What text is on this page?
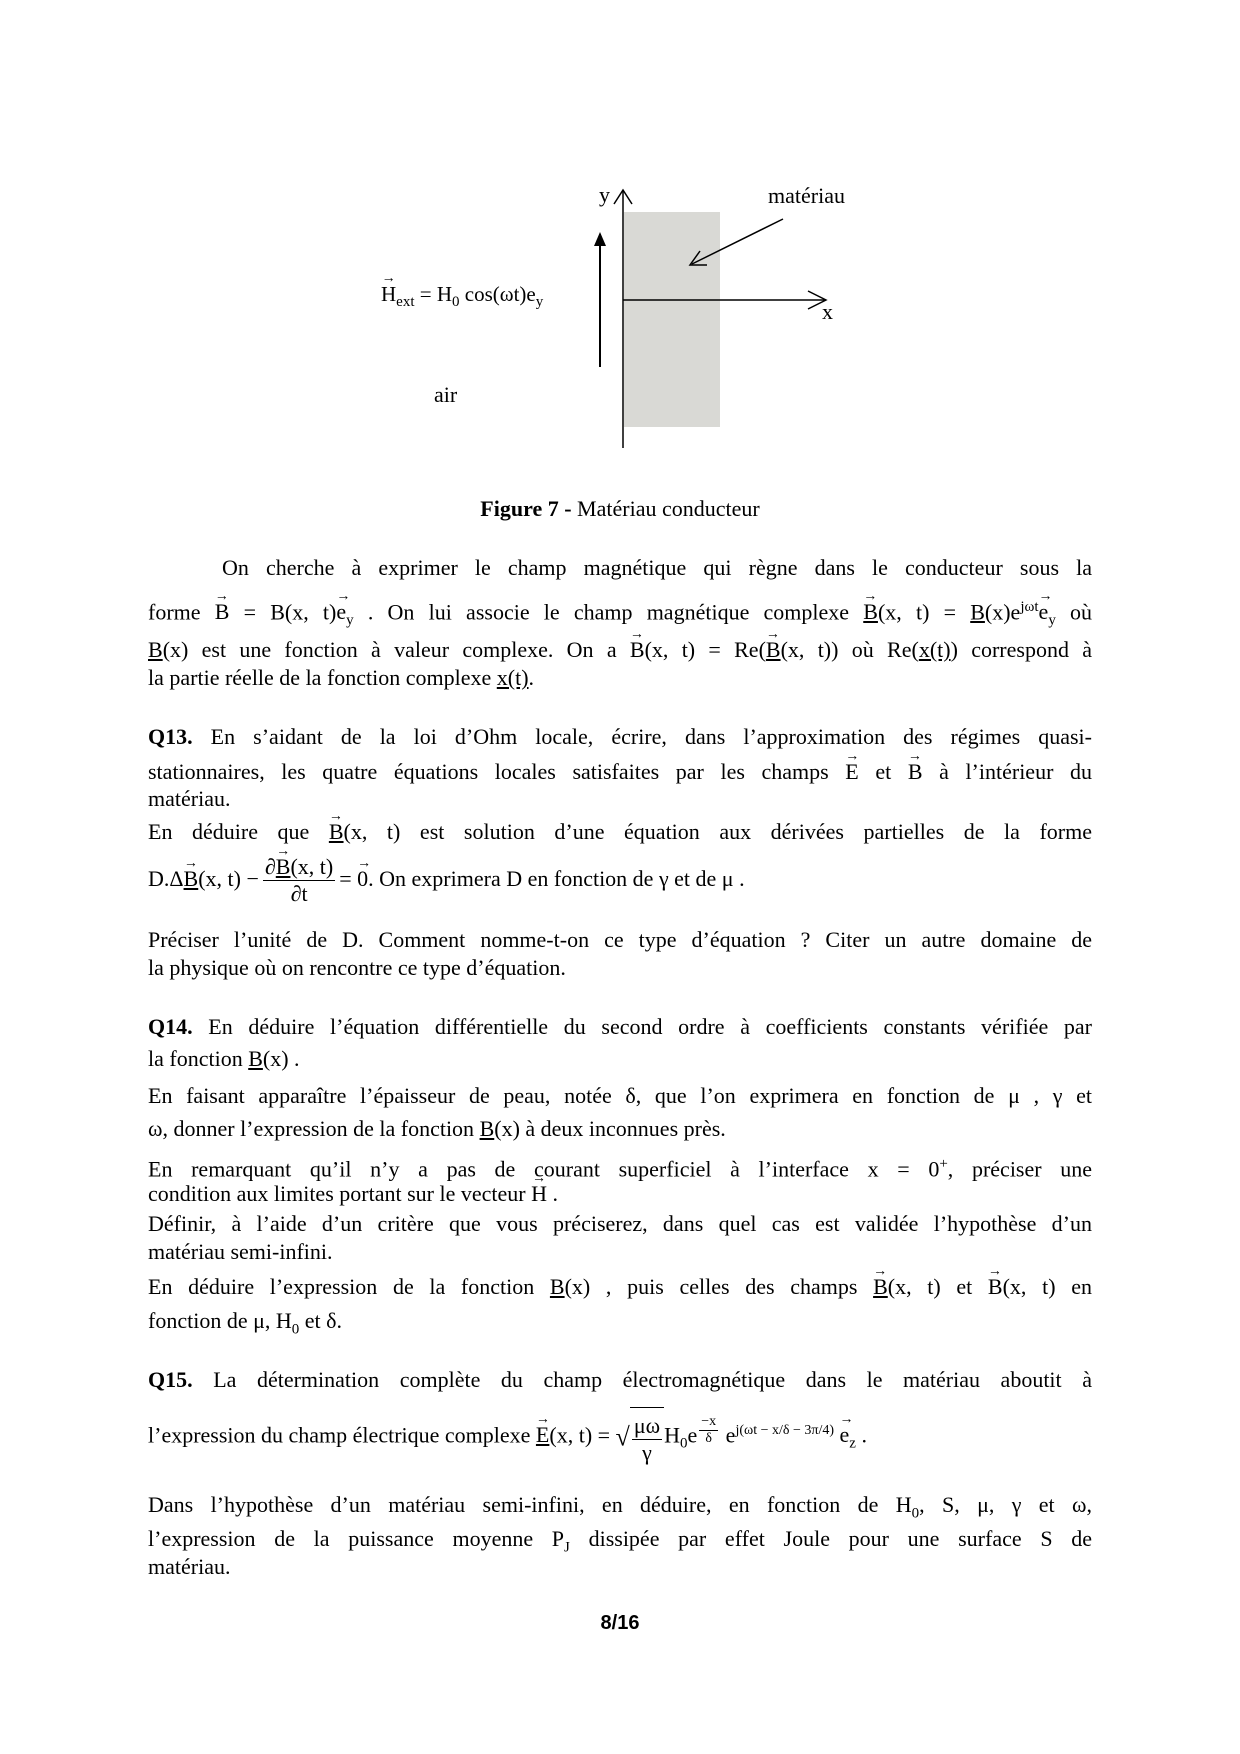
y
x
matériau
air
→ $H_{ext} = H_0$ $\cos(\omega t)e_y$
Figure 7 - Matériau conducteur
On cherche à exprimer le champ magnétique qui règne dans le conducteur sous la
forme → B = B(x, $t)\to e_y$ . On lui associe le champ magnétique complexe → B(x, $t) = B(x)e^{j\omega t}\to e_y$ où
B(x) est une fonction à valeur complexe. On a → B(x, t) = Re(→ B(x, t)) où Re(x(t)) correspond à
la partie réelle de la fonction complexe x(t).
Q13. En s’aidant de la loi d’Ohm locale, écrire, dans l’approximation des régimes quasi-
stationnaires, les quatre équations locales satisfaites par les champs → E et → B à l’intérieur du
matériau.
En déduire que → B(x, t) est solution d’une équation aux dérivées partielles de la forme
D.Δ→ B(x, $t) - \frac{\partial\to B(x, t)}{\partial t}$ = → 0. On exprimera D en fonction de γ et de μ .
Préciser l’unité de D. Comment nomme-t-on ce type d’équation ? Citer un autre domaine de
la physique où on rencontre ce type d’équation.
Q14. En déduire l’équation différentielle du second ordre à coefficients constants vérifiée par
la fonction B(x) .
En faisant apparaître l’épaisseur de peau, notée δ, que l’on exprimera en fonction de μ , γ et
ω, donner l’expression de la fonction B(x) à deux inconnues près.
En remarquant qu’il n’y a pas de courant superficiel à l’interface x = 0+, préciser une
condition aux limites portant sur le vecteur → H .
Définir, à l’aide d’un critère que vous préciserez, dans quel cas est validée l’hypothèse d’un
matériau semi-infini.
En déduire l’expression de la fonction B(x) , puis celles des champs → B(x, t) et → B(x, t) en
fonction de μ, $H_0$ et δ.
Q15. La détermination complète du champ électromagnétique dans le matériau aboutit à
l’expression du champ électrique complexe → E(x, t) = √ $\frac{\mu\omega}{\gamma} H_0e$ $^{\frac{-x}{\delta}}$ $e^{j(\omega t - x/\delta - 3\pi/4)} \to e_z$ .
Dans l’hypothèse d’un matériau semi-infini, en déduire, en fonction de $H_0$, S, μ, γ et ω,
l’expression de la puissance moyenne $P_J$ dissipée par effet Joule pour une surface S de
matériau.
8/16
